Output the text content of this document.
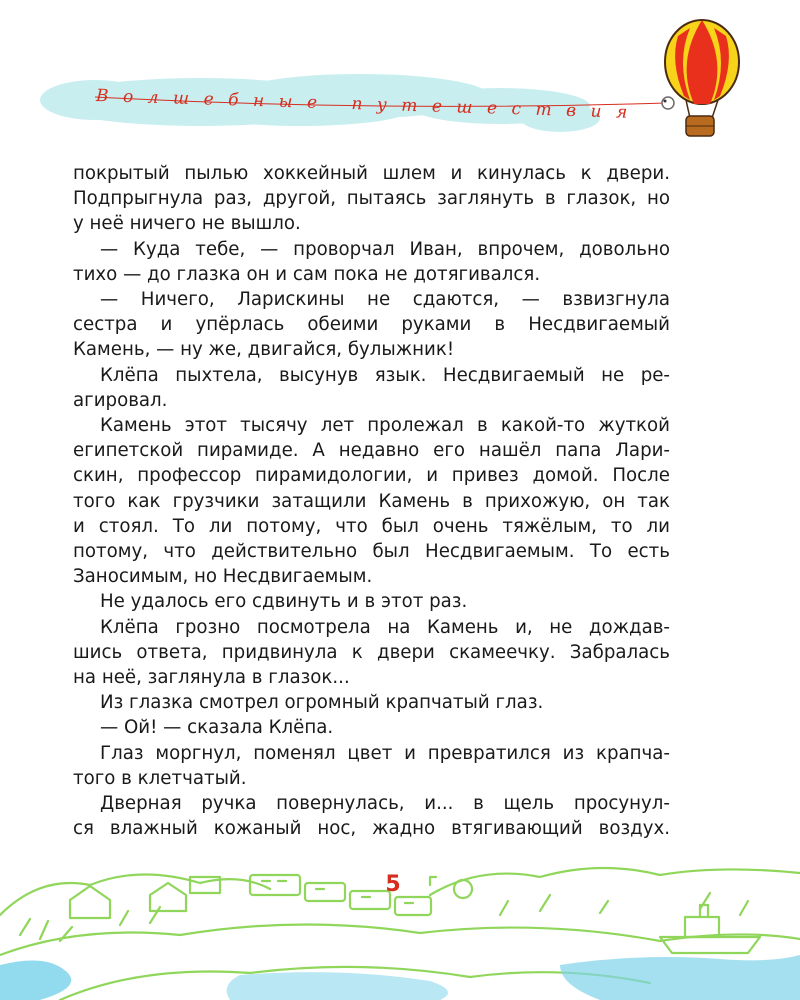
Волшебные путешествия

покрытый пылью хоккейный шлем и кинулась к двери.

Подпрыгнула раз, другой, пытаясь заглянуть в глазок, но

у неё ничего не вышло.

— Куда тебе, — проворчал Иван, впрочем, довольно

тихо — до глазка он и сам пока не дотягивался.

— Ничего, Ларискины не сдаются, — взвизгнула

сестра и упёрлась обеими руками в Несдвигаемый

Камень, — ну же, двигайся, булыжник!

Клёпа пыхтела, высунув язык. Несдвигаемый не ре-

агировал.

Камень этот тысячу лет пролежал в какой-то жуткой

египетской пирамиде. А недавно его нашёл папа Лари-

скин, профессор пирамидологии, и привез домой. После

того как грузчики затащили Камень в прихожую, он так

и стоял. То ли потому, что был очень тяжёлым, то ли

потому, что действительно был Несдвигаемым. То есть

Заносимым, но Несдвигаемым.

Не удалось его сдвинуть и в этот раз.

Клёпа грозно посмотрела на Камень и, не дождав-

шись ответа, придвинула к двери скамеечку. Забралась

на неё, заглянула в глазок...

Из глазка смотрел огромный крапчатый глаз.

— Ой! — сказала Клёпа.

Глаз моргнул, поменял цвет и превратился из крапча-

того в клетчатый.

Дверная ручка повернулась, и... в щель просунул-

ся влажный кожаный нос, жадно втягивающий воздух.

5
